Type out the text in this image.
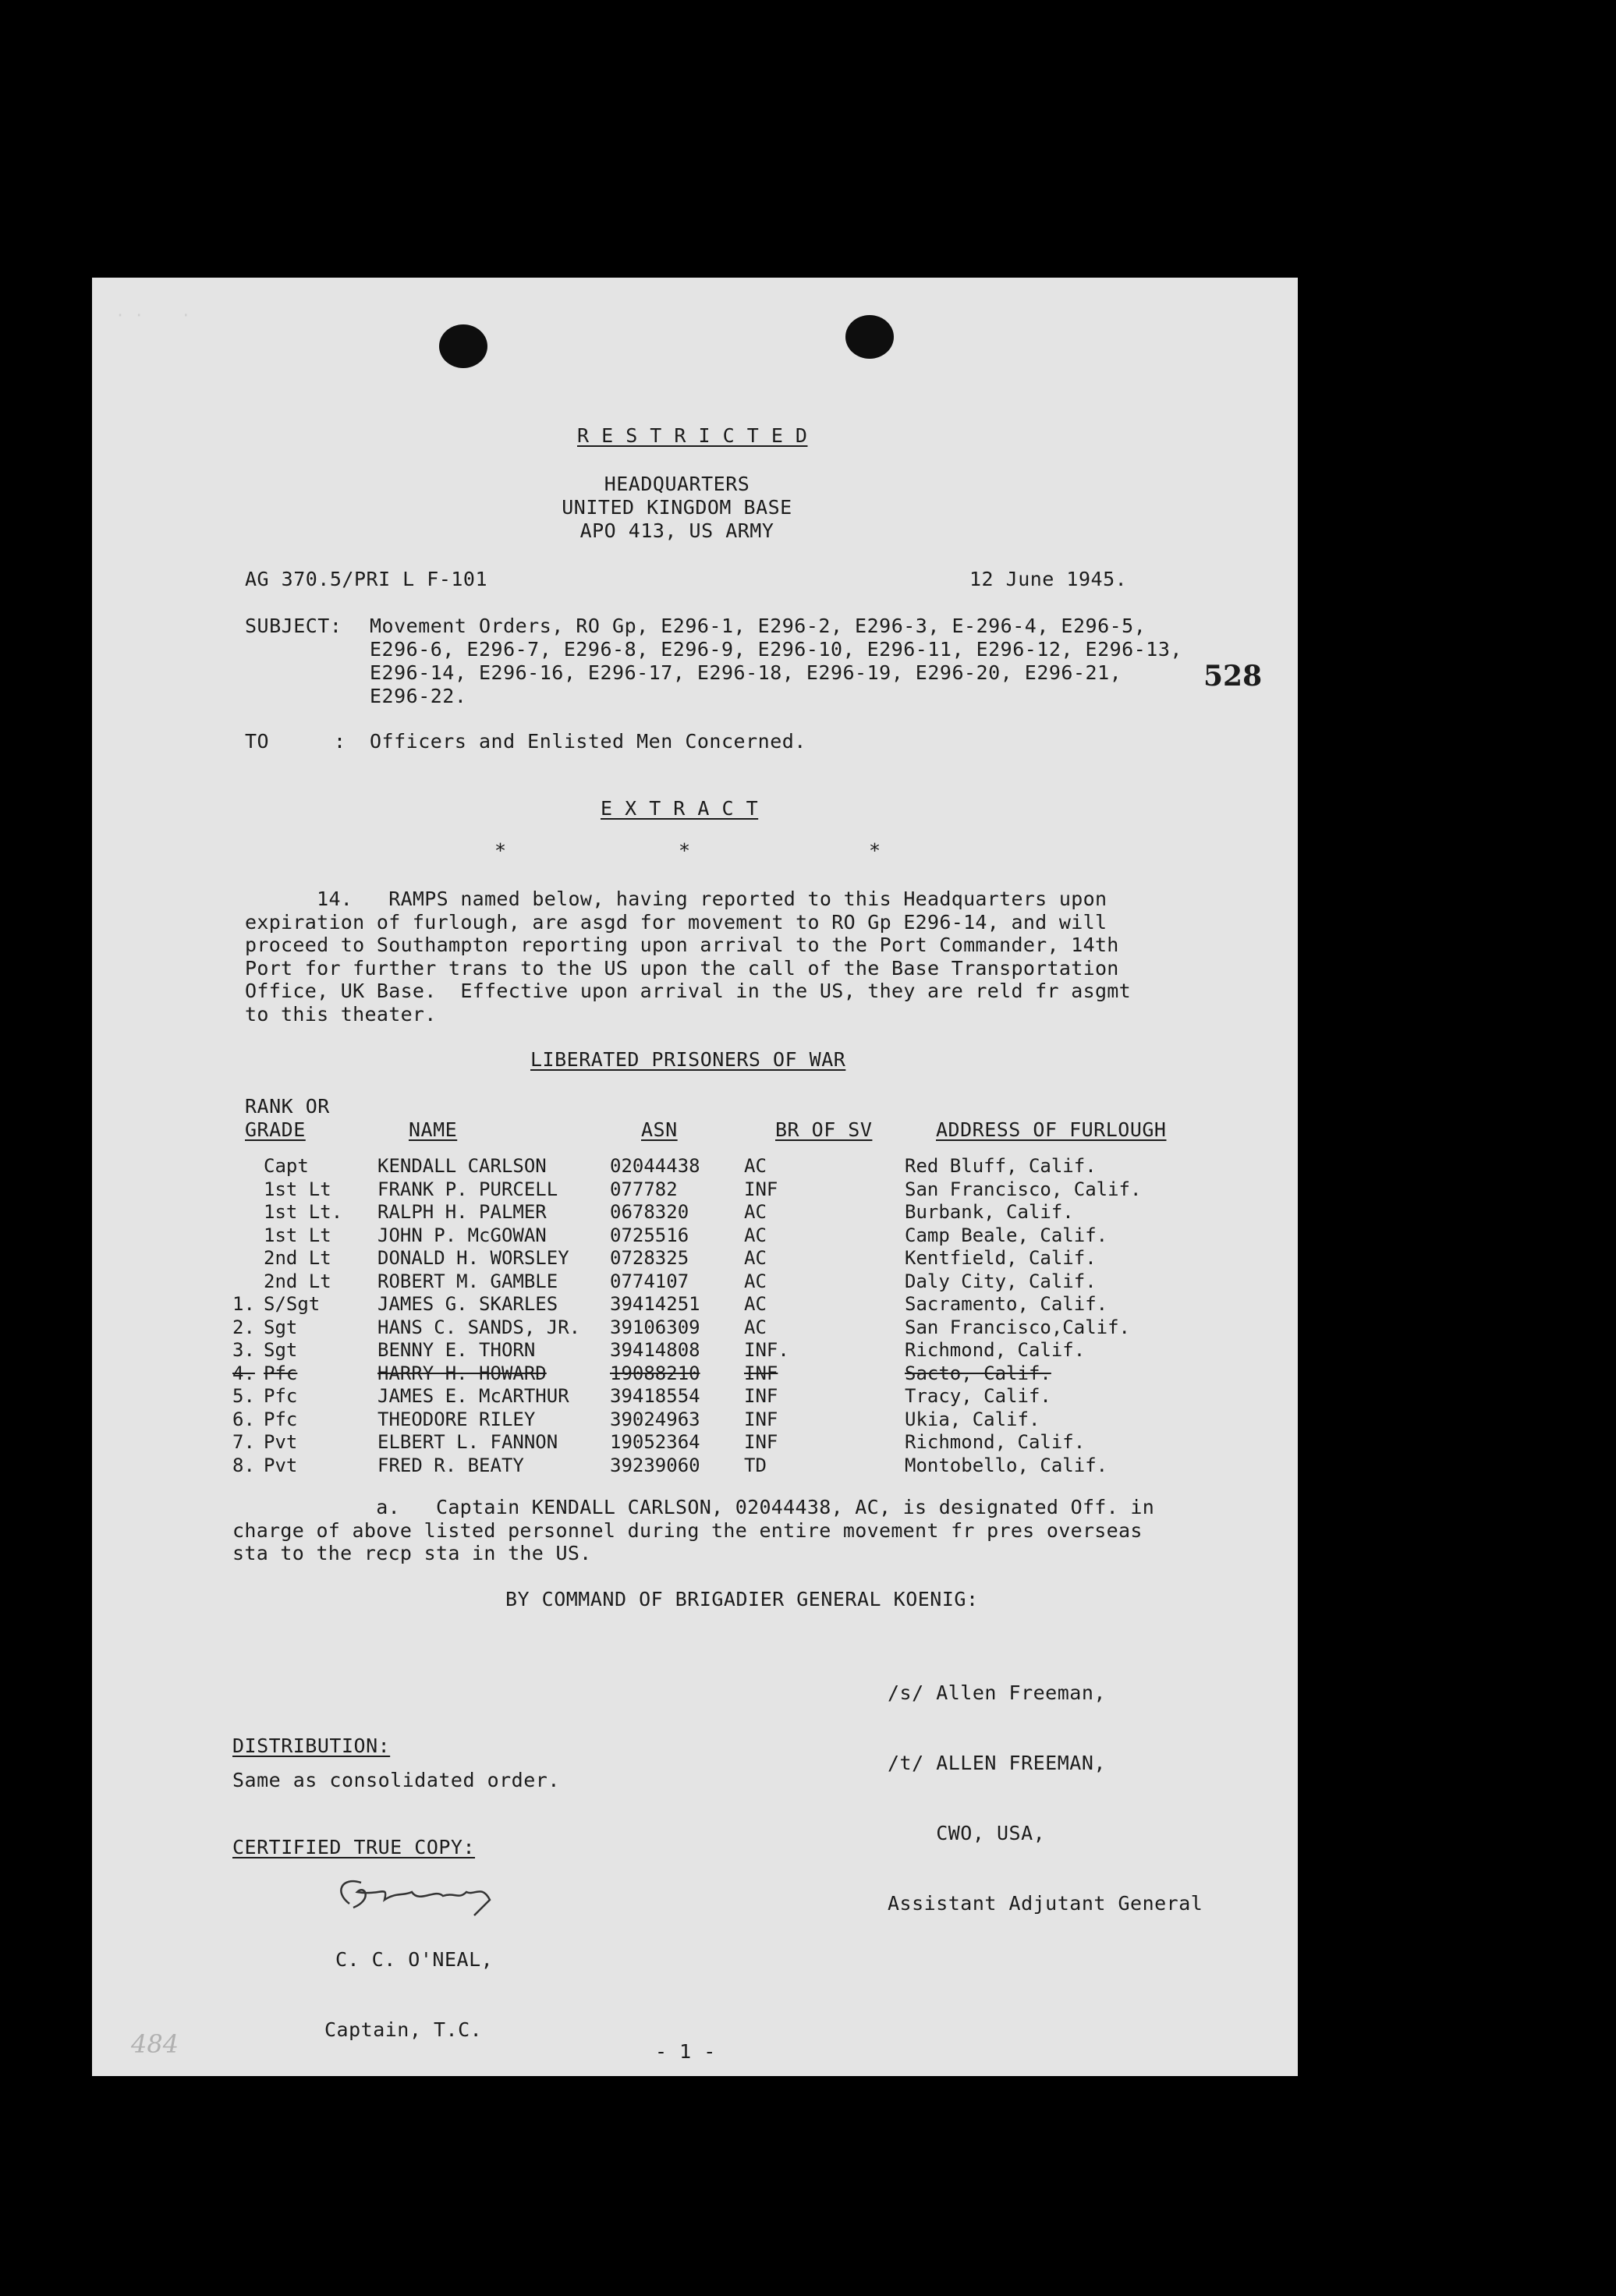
· ·    ·
R E S T R I C T E D
HEADQUARTERS
UNITED KINGDOM BASE
APO 413, US ARMY
AG 370.5/PRI L F-101	12 June 1945.
SUBJECT: Movement Orders, RO Gp, E296-1, E296-2, E296-3, E-296-4, E296-5,
E296-6, E296-7, E296-8, E296-9, E296-10, E296-11, E296-12, E296-13,
E296-14, E296-16, E296-17, E296-18, E296-19, E296-20, E296-21,
E296-22.
528
TO	: Officers and Enlisted Men Concerned.
E X T R A C T
*	*	*
14.   RAMPS named below, having reported to this Headquarters upon
expiration of furlough, are asgd for movement to RO Gp E296-14, and will
proceed to Southampton reporting upon arrival to the Port Commander, 14th
Port for further trans to the US upon the call of the Base Transportation
Office, UK Base.  Effective upon arrival in the US, they are reld fr asgmt
to this theater.
LIBERATED PRISONERS OF WAR
RANK OR
GRADE	NAME	ASN	BR OF SV	ADDRESS OF FURLOUGH
	Capt	KENDALL CARLSON	02044438	AC	Red Bluff, Calif.
	1st Lt	FRANK P. PURCELL	077782	INF	San Francisco, Calif.
	1st Lt.	RALPH H. PALMER	0678320	AC	Burbank, Calif.
	1st Lt	JOHN P. McGOWAN	0725516	AC	Camp Beale, Calif.
	2nd Lt	DONALD H. WORSLEY	0728325	AC	Kentfield, Calif.
	2nd Lt	ROBERT M. GAMBLE	0774107	AC	Daly City, Calif.
1.	S/Sgt	JAMES G. SKARLES	39414251	AC	Sacramento, Calif.
2.	Sgt	HANS C. SANDS, JR.	39106309	AC	San Francisco,Calif.
3.	Sgt	BENNY E. THORN	39414808	INF.	Richmond, Calif.
4.	Pfc	HARRY H. HOWARD	19088210	INF	Sacto, Calif.
5.	Pfc	JAMES E. McARTHUR	39418554	INF	Tracy, Calif.
6.	Pfc	THEODORE RILEY	39024963	INF	Ukia, Calif.
7.	Pvt	ELBERT L. FANNON	19052364	INF	Richmond, Calif.
8.	Pvt	FRED R. BEATY	39239060	TD	Montobello, Calif.
a.   Captain KENDALL CARLSON, 02044438, AC, is designated Off. in
charge of above listed personnel during the entire movement fr pres overseas
sta to the recp sta in the US.
BY COMMAND OF BRIGADIER GENERAL KOENIG:

/s/ Allen Freeman,

/t/ ALLEN FREEMAN,

CWO, USA,

Assistant Adjutant General

DISTRIBUTION:
Same as consolidated order.
CERTIFIED TRUE COPY:

C. C. O'NEAL,

Captain, T.C.

484	- 1 -
